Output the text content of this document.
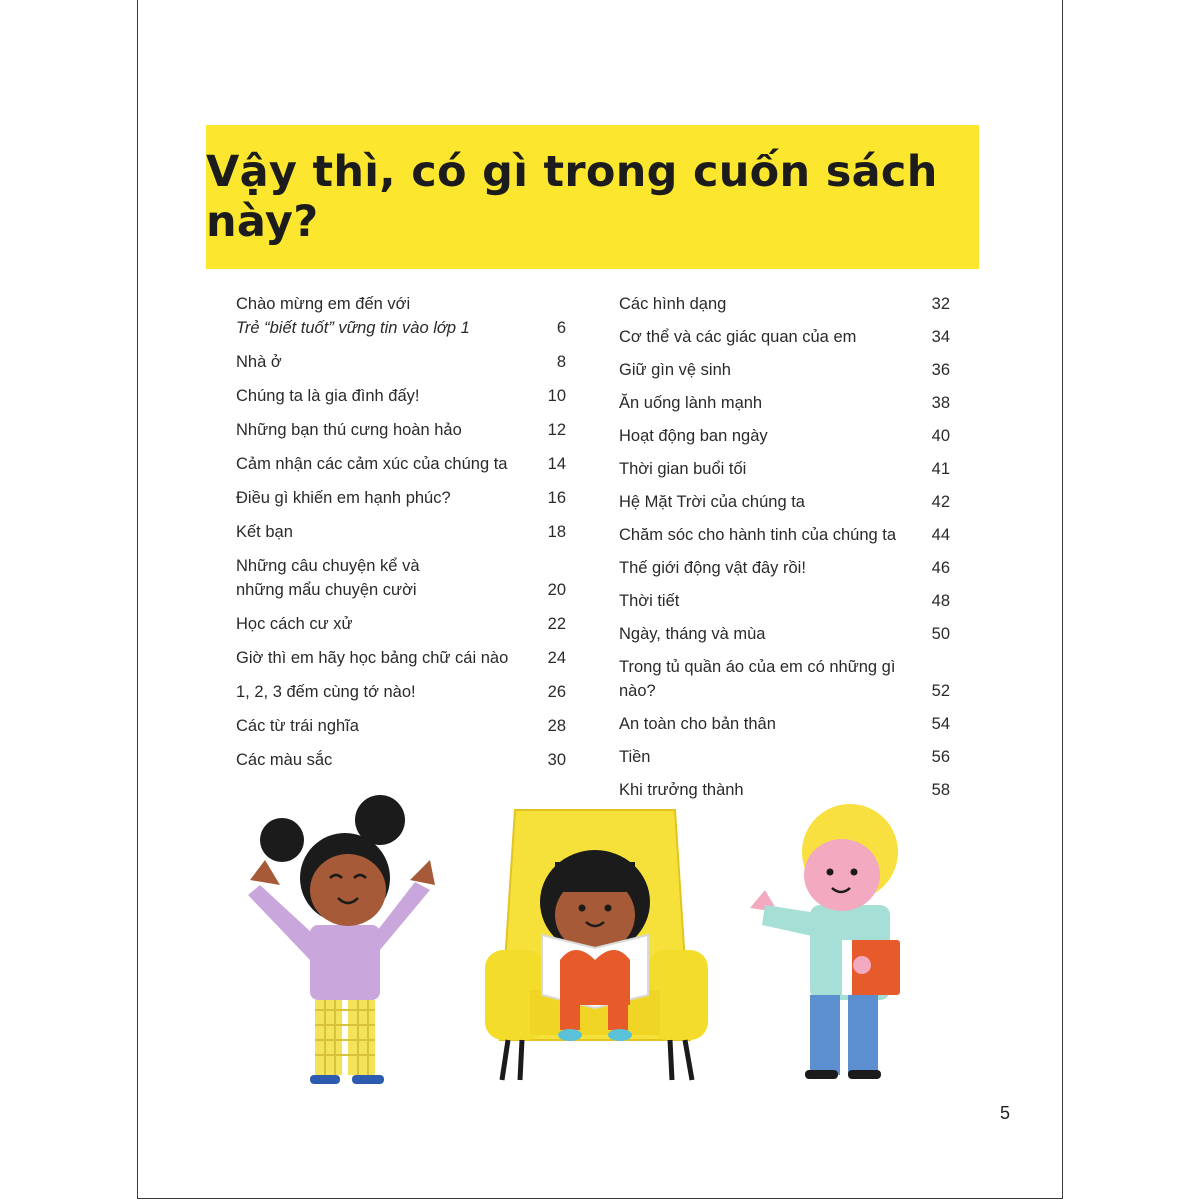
Vậy thì, có gì trong cuốn sách này?
Chào mừng em đến với
Trẻ “biết tuốt” vững tin vào lớp 1	6
Nhà ở	8
Chúng ta là gia đình đấy!	10
Những bạn thú cưng hoàn hảo	12
Cảm nhận các cảm xúc của chúng ta	14
Điều gì khiến em hạnh phúc?	16
Kết bạn	18
Những câu chuyện kể và
những mẩu chuyện cười	20
Học cách cư xử	22
Giờ thì em hãy học bảng chữ cái nào	24
1, 2, 3 đếm cùng tớ nào!	26
Các từ trái nghĩa	28
Các màu sắc	30
Các hình dạng	32
Cơ thể và các giác quan của em	34
Giữ gìn vệ sinh	36
Ăn uống lành mạnh	38
Hoạt động ban ngày	40
Thời gian buổi tối	41
Hệ Mặt Trời của chúng ta	42
Chăm sóc cho hành tinh của chúng ta	44
Thế giới động vật đây rồi!	46
Thời tiết	48
Ngày, tháng và mùa	50
Trong tủ quần áo của em có những gì nào?	52
An toàn cho bản thân	54
Tiền	56
Khi trưởng thành	58
5
